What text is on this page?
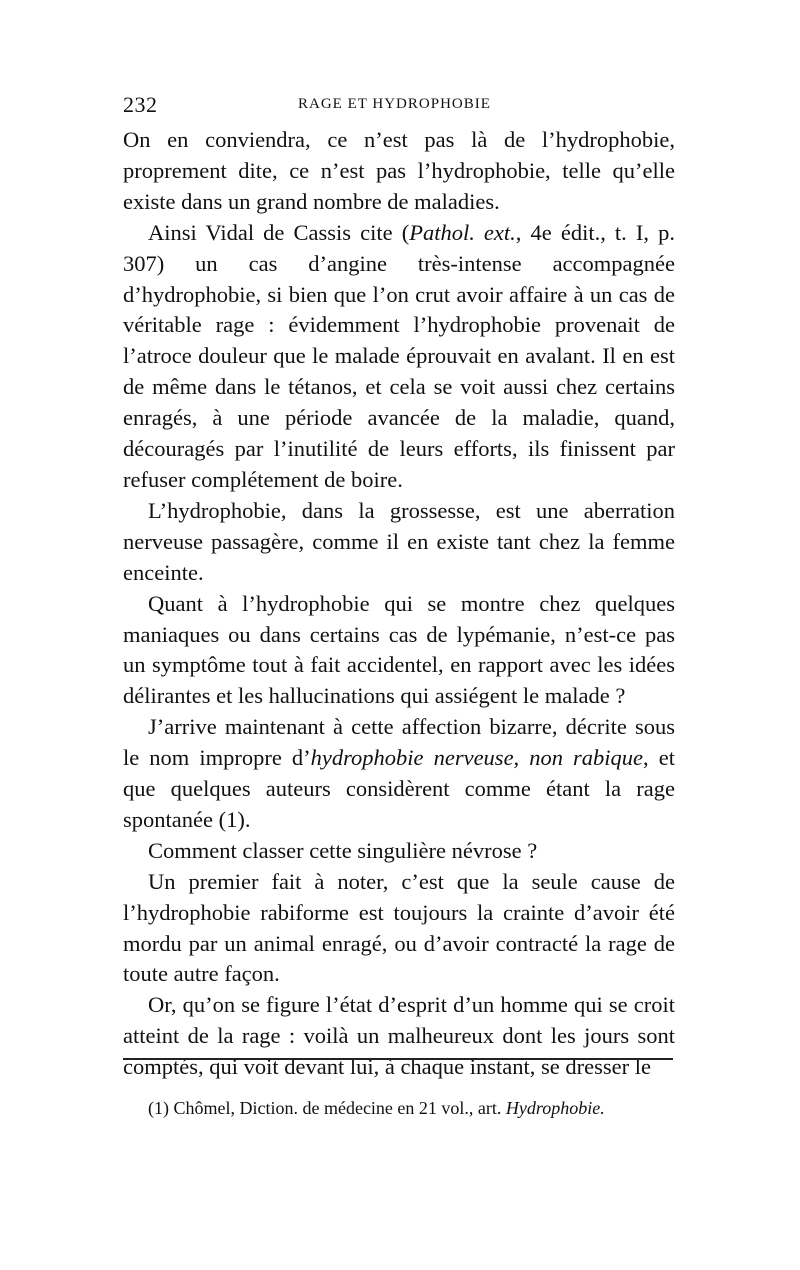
232	RAGE ET HYDROPHOBIE

On en conviendra, ce n’est pas là de l’hydrophobie, proprement dite, ce n’est pas l’hydrophobie, telle qu’elle existe dans un grand nombre de maladies.

Ainsi Vidal de Cassis cite (Pathol. ext., 4e édit., t. I, p. 307) un cas d’angine très-intense accompagnée d’hydrophobie, si bien que l’on crut avoir affaire à un cas de véritable rage : évidemment l’hydrophobie provenait de l’atroce douleur que le malade éprouvait en avalant. Il en est de même dans le tétanos, et cela se voit aussi chez certains enragés, à une période avancée de la maladie, quand, découragés par l’inutilité de leurs efforts, ils finissent par refuser complétement de boire.

L’hydrophobie, dans la grossesse, est une aberration nerveuse passagère, comme il en existe tant chez la femme enceinte.

Quant à l’hydrophobie qui se montre chez quelques maniaques ou dans certains cas de lypémanie, n’est-ce pas un symptôme tout à fait accidentel, en rapport avec les idées délirantes et les hallucinations qui assiégent le malade ?

J’arrive maintenant à cette affection bizarre, décrite sous le nom impropre d’hydrophobie nerveuse, non rabique, et que quelques auteurs considèrent comme étant la rage spontanée (1).

Comment classer cette singulière névrose ?

Un premier fait à noter, c’est que la seule cause de l’hydrophobie rabiforme est toujours la crainte d’avoir été mordu par un animal enragé, ou d’avoir contracté la rage de toute autre façon.

Or, qu’on se figure l’état d’esprit d’un homme qui se croit atteint de la rage : voilà un malheureux dont les jours sont comptés, qui voit devant lui, à chaque instant, se dresser le

(1) Chômel, Diction. de médecine en 21 vol., art. Hydrophobie.
